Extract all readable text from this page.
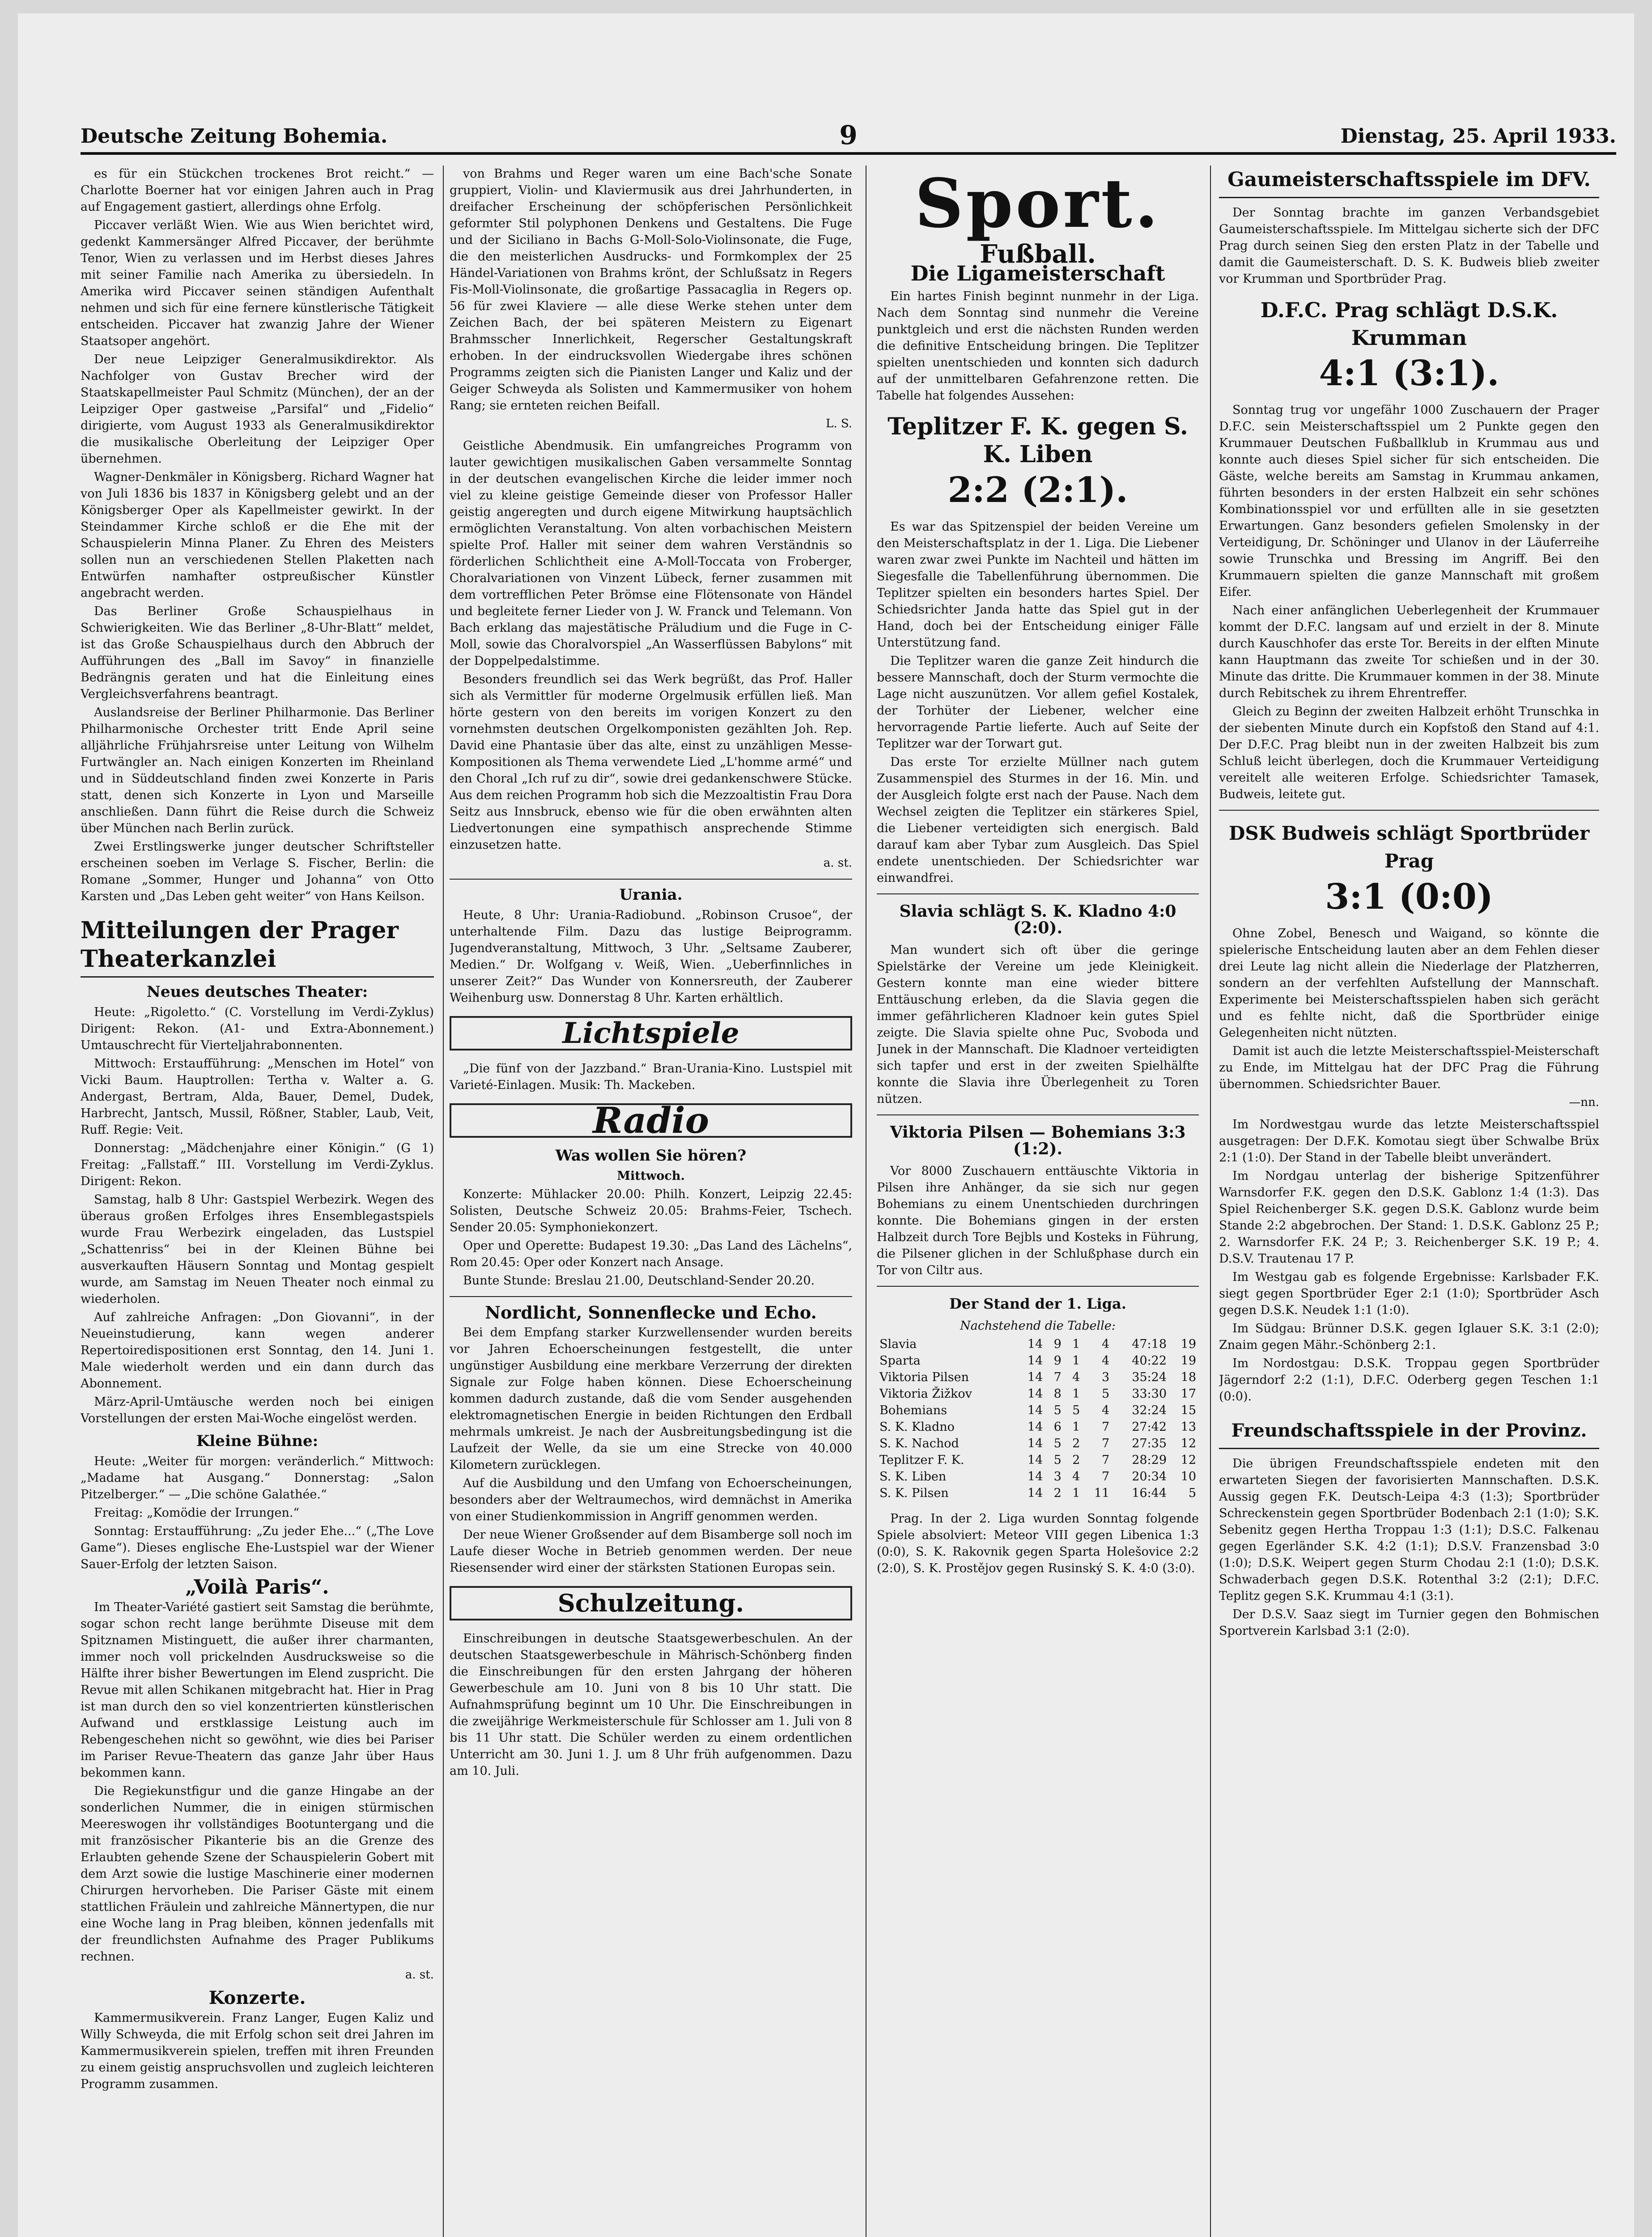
Deutsche Zeitung Bohemia.	9	Dienstag, 25. April 1933.

es für ein Stückchen trockenes Brot reicht.“ — Charlotte Boerner hat vor einigen Jahren auch in Prag auf Engagement gastiert, allerdings ohne Erfolg.

Piccaver verläßt Wien. Wie aus Wien berichtet wird, gedenkt Kammersänger Alfred Piccaver, der berühmte Tenor, Wien zu verlassen und im Herbst dieses Jahres mit seiner Familie nach Amerika zu übersiedeln. In Amerika wird Piccaver seinen ständigen Aufenthalt nehmen und sich für eine fernere künstlerische Tätigkeit entscheiden. Piccaver hat zwanzig Jahre der Wiener Staatsoper angehört.

Der neue Leipziger Generalmusikdirektor. Als Nachfolger von Gustav Brecher wird der Staatskapellmeister Paul Schmitz (München), der an der Leipziger Oper gastweise „Parsifal“ und „Fidelio“ dirigierte, vom August 1933 als Generalmusikdirektor die musikalische Oberleitung der Leipziger Oper übernehmen.

Wagner-Denkmäler in Königsberg. Richard Wagner hat von Juli 1836 bis 1837 in Königsberg gelebt und an der Königsberger Oper als Kapellmeister gewirkt. In der Steindammer Kirche schloß er die Ehe mit der Schauspielerin Minna Planer. Zu Ehren des Meisters sollen nun an verschiedenen Stellen Plaketten nach Entwürfen namhafter ostpreußischer Künstler angebracht werden.

Das Berliner Große Schauspielhaus in Schwierigkeiten. Wie das Berliner „8-Uhr-Blatt“ meldet, ist das Große Schauspielhaus durch den Abbruch der Aufführungen des „Ball im Savoy“ in finanzielle Bedrängnis geraten und hat die Einleitung eines Vergleichsverfahrens beantragt.

Auslandsreise der Berliner Philharmonie. Das Berliner Philharmonische Orchester tritt Ende April seine alljährliche Frühjahrsreise unter Leitung von Wilhelm Furtwängler an. Nach einigen Konzerten im Rheinland und in Süddeutschland finden zwei Konzerte in Paris statt, denen sich Konzerte in Lyon und Marseille anschließen. Dann führt die Reise durch die Schweiz über München nach Berlin zurück.

Zwei Erstlingswerke junger deutscher Schriftsteller erscheinen soeben im Verlage S. Fischer, Berlin: die Romane „Sommer, Hunger und Johanna“ von Otto Karsten und „Das Leben geht weiter“ von Hans Keilson.

Mitteilungen der Prager Theaterkanzlei
Neues deutsches Theater:

Heute: „Rigoletto.“ (C. Vorstellung im Verdi-Zyklus) Dirigent: Rekon. (A1- und Extra-Abonnement.) Umtauschrecht für Vierteljahrabonnenten.

Mittwoch: Erstaufführung: „Menschen im Hotel“ von Vicki Baum. Hauptrollen: Tertha v. Walter a. G. Andergast, Bertram, Alda, Bauer, Demel, Dudek, Harbrecht, Jantsch, Mussil, Rößner, Stabler, Laub, Veit, Ruff. Regie: Veit.

Donnerstag: „Mädchenjahre einer Königin.“ (G 1) Freitag: „Fallstaff.“ III. Vorstellung im Verdi-Zyklus. Dirigent: Rekon.

Samstag, halb 8 Uhr: Gastspiel Werbezirk. Wegen des überaus großen Erfolges ihres Ensemblegastspiels wurde Frau Werbezirk eingeladen, das Lustspiel „Schattenriss“ bei in der Kleinen Bühne bei ausverkauften Häusern Sonntag und Montag gespielt wurde, am Samstag im Neuen Theater noch einmal zu wiederholen.

Auf zahlreiche Anfragen: „Don Giovanni“, in der Neueinstudierung, kann wegen anderer Repertoiredispositionen erst Sonntag, den 14. Juni 1. Male wiederholt werden und ein dann durch das Abonnement.

März-April-Umtäusche werden noch bei einigen Vorstellungen der ersten Mai-Woche eingelöst werden.

Kleine Bühne:

Heute: „Weiter für morgen: veränderlich.“ Mittwoch: „Madame hat Ausgang.“ Donnerstag: „Salon Pitzelberger.“ — „Die schöne Galathée.“

Freitag: „Komödie der Irrungen.“

Sonntag: Erstaufführung: „Zu jeder Ehe...“ („The Love Game“). Dieses englische Ehe-Lustspiel war der Wiener Sauer-Erfolg der letzten Saison.

„Voilà Paris“.

Im Theater-Variété gastiert seit Samstag die berühmte, sogar schon recht lange berühmte Diseuse mit dem Spitznamen Mistinguett, die außer ihrer charmanten, immer noch voll prickelnden Ausdrucksweise so die Hälfte ihrer bisher Bewertungen im Elend zuspricht. Die Revue mit allen Schikanen mitgebracht hat. Hier in Prag ist man durch den so viel konzentrierten künstlerischen Aufwand und erstklassige Leistung auch im Rebengeschehen nicht so gewöhnt, wie dies bei Pariser im Pariser Revue-Theatern das ganze Jahr über Haus bekommen kann.

Die Regiekunstfigur und die ganze Hingabe an der sonderlichen Nummer, die in einigen stürmischen Meereswogen ihr vollständiges Bootuntergang und die mit französischer Pikanterie bis an die Grenze des Erlaubten gehende Szene der Schauspielerin Gobert mit dem Arzt sowie die lustige Maschinerie einer modernen Chirurgen hervorheben. Die Pariser Gäste mit einem stattlichen Fräulein und zahlreiche Männertypen, die nur eine Woche lang in Prag bleiben, können jedenfalls mit der freundlichsten Aufnahme des Prager Publikums rechnen.

a. st.
Konzerte.

Kammermusikverein. Franz Langer, Eugen Kaliz und Willy Schweyda, die mit Erfolg schon seit drei Jahren im Kammermusikverein spielen, treffen mit ihren Freunden zu einem geistig anspruchsvollen und zugleich leichteren Programm zusammen.

von Brahms und Reger waren um eine Bach'sche Sonate gruppiert, Violin- und Klaviermusik aus drei Jahrhunderten, in dreifacher Erscheinung der schöpferischen Persönlichkeit geformter Stil polyphonen Denkens und Gestaltens. Die Fuge und der Siciliano in Bachs G-Moll-Solo-Violinsonate, die Fuge, die den meisterlichen Ausdrucks- und Formkomplex der 25 Händel-Variationen von Brahms krönt, der Schlußsatz in Regers Fis-Moll-Violinsonate, die großartige Passacaglia in Regers op. 56 für zwei Klaviere — alle diese Werke stehen unter dem Zeichen Bach, der bei späteren Meistern zu Eigenart Brahmsscher Innerlichkeit, Regerscher Gestaltungskraft erhoben. In der eindrucksvollen Wiedergabe ihres schönen Programms zeigten sich die Pianisten Langer und Kaliz und der Geiger Schweyda als Solisten und Kammermusiker von hohem Rang; sie ernteten reichen Beifall.

L. S.

Geistliche Abendmusik. Ein umfangreiches Programm von lauter gewichtigen musikalischen Gaben versammelte Sonntag in der deutschen evangelischen Kirche die leider immer noch viel zu kleine geistige Gemeinde dieser von Professor Haller geistig angeregten und durch eigene Mitwirkung hauptsächlich ermöglichten Veranstaltung. Von alten vorbachischen Meistern spielte Prof. Haller mit seiner dem wahren Verständnis so förderlichen Schlichtheit eine A-Moll-Toccata von Froberger, Choralvariationen von Vinzent Lübeck, ferner zusammen mit dem vortrefflichen Peter Brömse eine Flötensonate von Händel und begleitete ferner Lieder von J. W. Franck und Telemann. Von Bach erklang das majestätische Präludium und die Fuge in C-Moll, sowie das Choralvorspiel „An Wasserflüssen Babylons“ mit der Doppelpedalstimme.

Besonders freundlich sei das Werk begrüßt, das Prof. Haller sich als Vermittler für moderne Orgelmusik erfüllen ließ. Man hörte gestern von den bereits im vorigen Konzert zu den vornehmsten deutschen Orgelkomponisten gezählten Joh. Rep. David eine Phantasie über das alte, einst zu unzähligen Messe-Kompositionen als Thema verwendete Lied „L'homme armé“ und den Choral „Ich ruf zu dir“, sowie drei gedankenschwere Stücke. Aus dem reichen Programm hob sich die Mezzoaltistin Frau Dora Seitz aus Innsbruck, ebenso wie für die oben erwähnten alten Liedvertonungen eine sympathisch ansprechende Stimme einzusetzen hatte.

a. st.
Urania.

Heute, 8 Uhr: Urania-Radiobund. „Robinson Crusoe“, der unterhaltende Film. Dazu das lustige Beiprogramm. Jugendveranstaltung, Mittwoch, 3 Uhr. „Seltsame Zauberer, Medien.“ Dr. Wolfgang v. Weiß, Wien. „Ueberfinnliches in unserer Zeit?“ Das Wunder von Konnersreuth, der Zauberer Weihenburg usw. Donnerstag 8 Uhr. Karten erhältlich.

Lichtspiele

„Die fünf von der Jazzband.“ Bran-Urania-Kino. Lustspiel mit Varieté-Einlagen. Musik: Th. Mackeben.

Radio
Was wollen Sie hören?

Mittwoch.

Konzerte: Mühlacker 20.00: Philh. Konzert, Leipzig 22.45: Solisten, Deutsche Schweiz 20.05: Brahms-Feier, Tschech. Sender 20.05: Symphoniekonzert.

Oper und Operette: Budapest 19.30: „Das Land des Lächelns“, Rom 20.45: Oper oder Konzert nach Ansage.

Bunte Stunde: Breslau 21.00, Deutschland-Sender 20.20.

Nordlicht, Sonnenflecke und Echo.

Bei dem Empfang starker Kurzwellensender wurden bereits vor Jahren Echoerscheinungen festgestellt, die unter ungünstiger Ausbildung eine merkbare Verzerrung der direkten Signale zur Folge haben können. Diese Echoerscheinung kommen dadurch zustande, daß die vom Sender ausgehenden elektromagnetischen Energie in beiden Richtungen den Erdball mehrmals umkreist. Je nach der Ausbreitungsbedingung ist die Laufzeit der Welle, da sie um eine Strecke von 40.000 Kilometern zurücklegen.

Auf die Ausbildung und den Umfang von Echoerscheinungen, besonders aber der Weltraumechos, wird demnächst in Amerika von einer Studienkommission in Angriff genommen werden.

Der neue Wiener Großsender auf dem Bisamberge soll noch im Laufe dieser Woche in Betrieb genommen werden. Der neue Riesensender wird einer der stärksten Stationen Europas sein.

Schulzeitung.

Einschreibungen in deutsche Staatsgewerbeschulen. An der deutschen Staatsgewerbeschule in Mährisch-Schönberg finden die Einschreibungen für den ersten Jahrgang der höheren Gewerbeschule am 10. Juni von 8 bis 10 Uhr statt. Die Aufnahmsprüfung beginnt um 10 Uhr. Die Einschreibungen in die zweijährige Werkmeisterschule für Schlosser am 1. Juli von 8 bis 11 Uhr statt. Die Schüler werden zu einem ordentlichen Unterricht am 30. Juni 1. J. um 8 Uhr früh aufgenommen. Dazu am 10. Juli.

Sport.
Fußball.
Die Ligameisterschaft

Ein hartes Finish beginnt nunmehr in der Liga. Nach dem Sonntag sind nunmehr die Vereine punktgleich und erst die nächsten Runden werden die definitive Entscheidung bringen. Die Teplitzer spielten unentschieden und konnten sich dadurch auf der unmittelbaren Gefahrenzone retten. Die Tabelle hat folgendes Aussehen:

Teplitzer F. K. gegen S. K. Liben
2:2 (2:1).

Es war das Spitzenspiel der beiden Vereine um den Meisterschaftsplatz in der 1. Liga. Die Liebener waren zwar zwei Punkte im Nachteil und hätten im Siegesfalle die Tabellenführung übernommen. Die Teplitzer spielten ein besonders hartes Spiel. Der Schiedsrichter Janda hatte das Spiel gut in der Hand, doch bei der Entscheidung einiger Fälle Unterstützung fand.

Die Teplitzer waren die ganze Zeit hindurch die bessere Mannschaft, doch der Sturm vermochte die Lage nicht auszunützen. Vor allem gefiel Kostalek, der Torhüter der Liebener, welcher eine hervorragende Partie lieferte. Auch auf Seite der Teplitzer war der Torwart gut.

Das erste Tor erzielte Müllner nach gutem Zusammenspiel des Sturmes in der 16. Min. und der Ausgleich folgte erst nach der Pause. Nach dem Wechsel zeigten die Teplitzer ein stärkeres Spiel, die Liebener verteidigten sich energisch. Bald darauf kam aber Tybar zum Ausgleich. Das Spiel endete unentschieden. Der Schiedsrichter war einwandfrei.

Slavia schlägt S. K. Kladno 4:0 (2:0).

Man wundert sich oft über die geringe Spielstärke der Vereine um jede Kleinigkeit. Gestern konnte man eine wieder bittere Enttäuschung erleben, da die Slavia gegen die immer gefährlicheren Kladnoer kein gutes Spiel zeigte. Die Slavia spielte ohne Puc, Svoboda und Junek in der Mannschaft. Die Kladnoer verteidigten sich tapfer und erst in der zweiten Spielhälfte konnte die Slavia ihre Überlegenheit zu Toren nützen.

Viktoria Pilsen — Bohemians 3:3 (1:2).

Vor 8000 Zuschauern enttäuschte Viktoria in Pilsen ihre Anhänger, da sie sich nur gegen Bohemians zu einem Unentschieden durchringen konnte. Die Bohemians gingen in der ersten Halbzeit durch Tore Bejbls und Kosteks in Führung, die Pilsener glichen in der Schlußphase durch ein Tor von Ciltr aus.

Der Stand der 1. Liga.

Nachstehend die Tabelle:

Slavia	14	9	1	4	47:18	19
Sparta	14	9	1	4	40:22	19
Viktoria Pilsen	14	7	4	3	35:24	18
Viktoria Žižkov	14	8	1	5	33:30	17
Bohemians	14	5	5	4	32:24	15
S. K. Kladno	14	6	1	7	27:42	13
S. K. Nachod	14	5	2	7	27:35	12
Teplitzer F. K.	14	5	2	7	28:29	12
S. K. Liben	14	3	4	7	20:34	10
S. K. Pilsen	14	2	1	11	16:44	5

Prag. In der 2. Liga wurden Sonntag folgende Spiele absolviert: Meteor VIII gegen Libenica 1:3 (0:0), S. K. Rakovnik gegen Sparta Holešovice 2:2 (2:0), S. K. Prostějov gegen Rusinský S. K. 4:0 (3:0).

Gaumeisterschaftsspiele im DFV.

Der Sonntag brachte im ganzen Verbandsgebiet Gaumeisterschaftsspiele. Im Mittelgau sicherte sich der DFC Prag durch seinen Sieg den ersten Platz in der Tabelle und damit die Gaumeisterschaft. D. S. K. Budweis blieb zweiter vor Krumman und Sportbrüder Prag.

D.F.C. Prag schlägt D.S.K. Krumman
4:1 (3:1).

Sonntag trug vor ungefähr 1000 Zuschauern der Prager D.F.C. sein Meisterschaftsspiel um 2 Punkte gegen den Krummauer Deutschen Fußballklub in Krummau aus und konnte auch dieses Spiel sicher für sich entscheiden. Die Gäste, welche bereits am Samstag in Krummau ankamen, führten besonders in der ersten Halbzeit ein sehr schönes Kombinationsspiel vor und erfüllten alle in sie gesetzten Erwartungen. Ganz besonders gefielen Smolensky in der Verteidigung, Dr. Schöninger und Ulanov in der Läuferreihe sowie Trunschka und Bressing im Angriff. Bei den Krummauern spielten die ganze Mannschaft mit großem Eifer.

Nach einer anfänglichen Ueberlegenheit der Krummauer kommt der D.F.C. langsam auf und erzielt in der 8. Minute durch Kauschhofer das erste Tor. Bereits in der elften Minute kann Hauptmann das zweite Tor schießen und in der 30. Minute das dritte. Die Krummauer kommen in der 38. Minute durch Rebitschek zu ihrem Ehrentreffer.

Gleich zu Beginn der zweiten Halbzeit erhöht Trunschka in der siebenten Minute durch ein Kopfstoß den Stand auf 4:1. Der D.F.C. Prag bleibt nun in der zweiten Halbzeit bis zum Schluß leicht überlegen, doch die Krummauer Verteidigung vereitelt alle weiteren Erfolge. Schiedsrichter Tamasek, Budweis, leitete gut.

DSK Budweis schlägt Sportbrüder Prag
3:1 (0:0)

Ohne Zobel, Benesch und Waigand, so könnte die spielerische Entscheidung lauten aber an dem Fehlen dieser drei Leute lag nicht allein die Niederlage der Platzherren, sondern an der verfehlten Aufstellung der Mannschaft. Experimente bei Meisterschaftsspielen haben sich gerächt und es fehlte nicht, daß die Sportbrüder einige Gelegenheiten nicht nützten.

Damit ist auch die letzte Meisterschaftsspiel-Meisterschaft zu Ende, im Mittelgau hat der DFC Prag die Führung übernommen. Schiedsrichter Bauer.

—nn.

Im Nordwestgau wurde das letzte Meisterschaftsspiel ausgetragen: Der D.F.K. Komotau siegt über Schwalbe Brüx 2:1 (1:0). Der Stand in der Tabelle bleibt unverändert.

Im Nordgau unterlag der bisherige Spitzenführer Warnsdorfer F.K. gegen den D.S.K. Gablonz 1:4 (1:3). Das Spiel Reichenberger S.K. gegen D.S.K. Gablonz wurde beim Stande 2:2 abgebrochen. Der Stand: 1. D.S.K. Gablonz 25 P.; 2. Warnsdorfer F.K. 24 P.; 3. Reichenberger S.K. 19 P.; 4. D.S.V. Trautenau 17 P.

Im Westgau gab es folgende Ergebnisse: Karlsbader F.K. siegt gegen Sportbrüder Eger 2:1 (1:0); Sportbrüder Asch gegen D.S.K. Neudek 1:1 (1:0).

Im Südgau: Brünner D.S.K. gegen Iglauer S.K. 3:1 (2:0); Znaim gegen Mähr.-Schönberg 2:1.

Im Nordostgau: D.S.K. Troppau gegen Sportbrüder Jägerndorf 2:2 (1:1), D.F.C. Oderberg gegen Teschen 1:1 (0:0).

Freundschaftsspiele in der Provinz.

Die übrigen Freundschaftsspiele endeten mit den erwarteten Siegen der favorisierten Mannschaften. D.S.K. Aussig gegen F.K. Deutsch-Leipa 4:3 (1:3); Sportbrüder Schreckenstein gegen Sportbrüder Bodenbach 2:1 (1:0); S.K. Sebenitz gegen Hertha Troppau 1:3 (1:1); D.S.C. Falkenau gegen Egerländer S.K. 4:2 (1:1); D.S.V. Franzensbad 3:0 (1:0); D.S.K. Weipert gegen Sturm Chodau 2:1 (1:0); D.S.K. Schwaderbach gegen D.S.K. Rotenthal 3:2 (2:1); D.F.C. Teplitz gegen S.K. Krummau 4:1 (3:1).

Der D.S.V. Saaz siegt im Turnier gegen den Bohmischen Sportverein Karlsbad 3:1 (2:0).
